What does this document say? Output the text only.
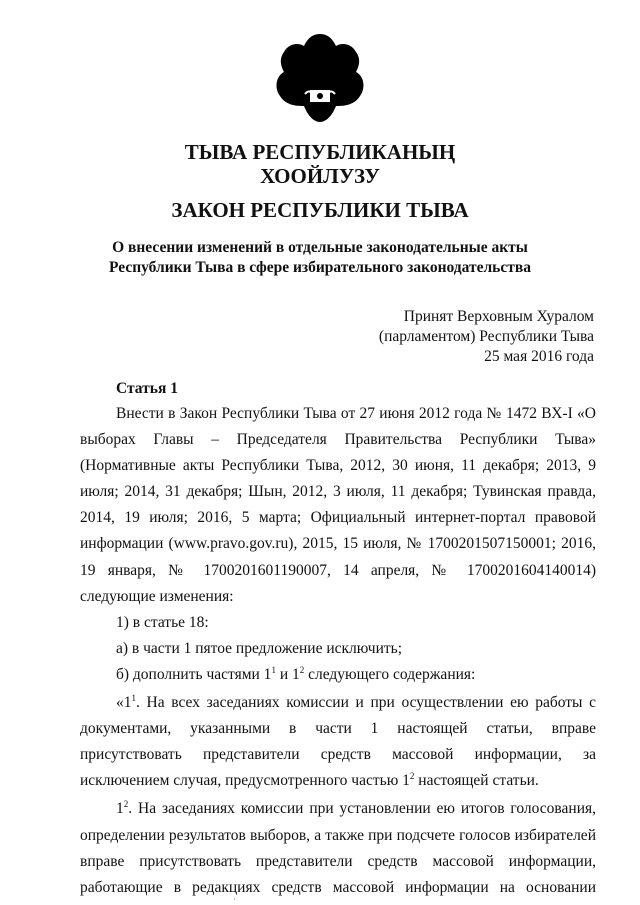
ТЫВА РЕСПУБЛИКАНЫҢ
ХООЙЛУЗУ
ЗАКОН РЕСПУБЛИКИ ТЫВА
О внесении изменений в отдельные законодательные акты
Республики Тыва в сфере избирательного законодательства
Принят Верховным Хуралом
(парламентом) Республики Тыва
25 мая 2016 года
Статья 1

Внести в Закон Республики Тыва от 27 июня 2012 года № 1472 ВХ-I «О выборах Главы – Председателя Правительства Республики Тыва» (Нормативные акты Республики Тыва, 2012, 30 июня, 11 декабря; 2013, 9 июля; 2014, 31 декабря; Шын, 2012, 3 июля, 11 декабря; Тувинская правда, 2014, 19 июля; 2016, 5 марта; Официальный интернет-портал правовой информации (www.pravo.gov.ru), 2015, 15 июля, № 1700201507150001; 2016, 19 января, № 1700201601190007, 14 апреля, № 1700201604140014) следующие изменения:

1) в статье 18:

а) в части 1 пятое предложение исключить;

б) дополнить частями $1^1$ и $1^2$ следующего содержания:

«$1^1$. На всех заседаниях комиссии и при осуществлении ею работы с документами, указанными в части 1 настоящей статьи, вправе присутствовать представители средств массовой информации, за исключением случая, предусмотренного частью $1^2$ настоящей статьи.

$1^2$. На заседаниях комиссии при установлении ею итогов голосования, определении результатов выборов, а также при подсчете голосов избирателей вправе присутствовать представители средств массовой информации, работающие в редакциях средств массовой информации на основании

·
